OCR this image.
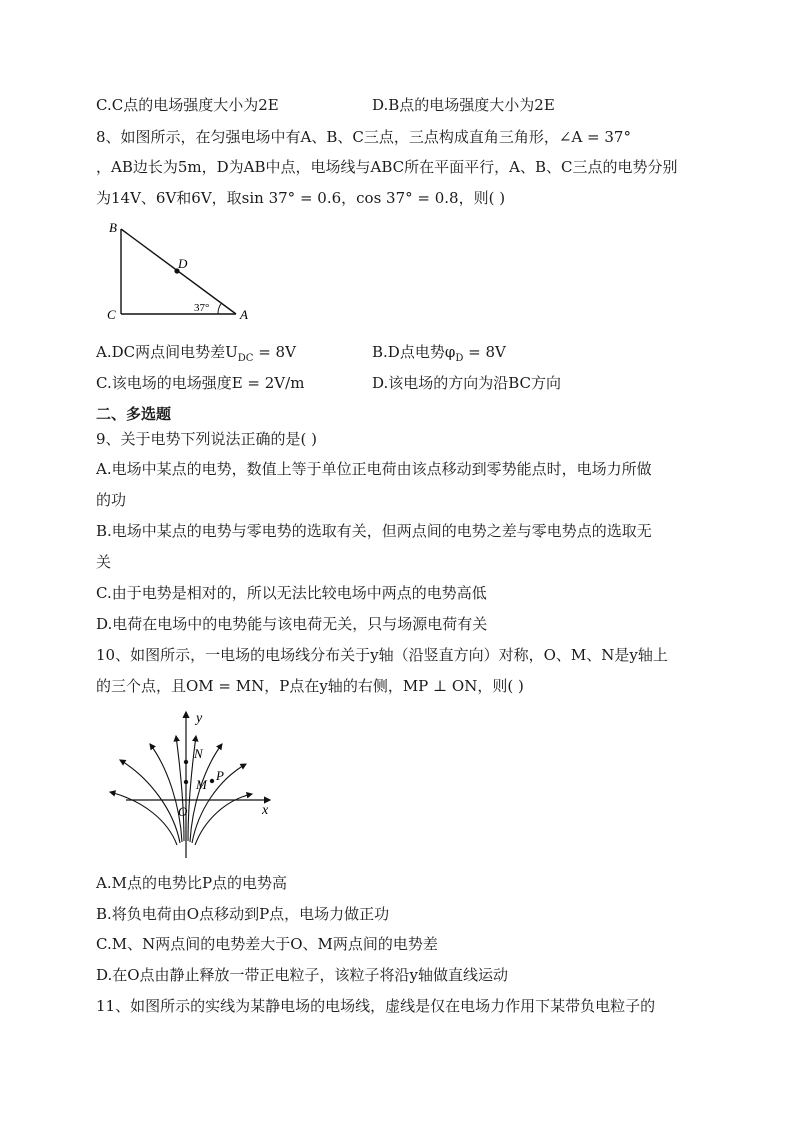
C.C点的电场强度大小为2E	D.B点的电场强度大小为2E
8、如图所示，在匀强电场中有A、B、C三点，三点构成直角三角形，∠A = 37°
，AB边长为5m，D为AB中点，电场线与ABC所在平面平行，A、B、C三点的电势分别
为14V、6V和6V，取sin 37° = 0.6，cos 37° = 0.8，则( )
B
C	A
D
37°
A.DC两点间电势差$U_{DC} = 8V$	B.D点电势$\varphi_D = 8V$
C.该电场的电场强度E = 2V/m	D.该电场的方向为沿BC方向
二、多选题
9、关于电势下列说法正确的是( )
A.电场中某点的电势，数值上等于单位正电荷由该点移动到零势能点时，电场力所做
的功
B.电场中某点的电势与零电势的选取有关，但两点间的电势之差与零电势点的选取无
关
C.由于电势是相对的，所以无法比较电场中两点的电势高低
D.电荷在电场中的电势能与该电荷无关，只与场源电荷有关
10、如图所示，一电场的电场线分布关于y轴（沿竖直方向）对称，O、M、N是y轴上
的三个点，且OM = MN，P点在y轴的右侧，MP ⊥ ON，则( )
y
x
N
M
P
O
A.M点的电势比P点的电势高
B.将负电荷由O点移动到P点，电场力做正功
C.M、N两点间的电势差大于O、M两点间的电势差
D.在O点由静止释放一带正电粒子，该粒子将沿y轴做直线运动
11、如图所示的实线为某静电场的电场线，虚线是仅在电场力作用下某带负电粒子的
